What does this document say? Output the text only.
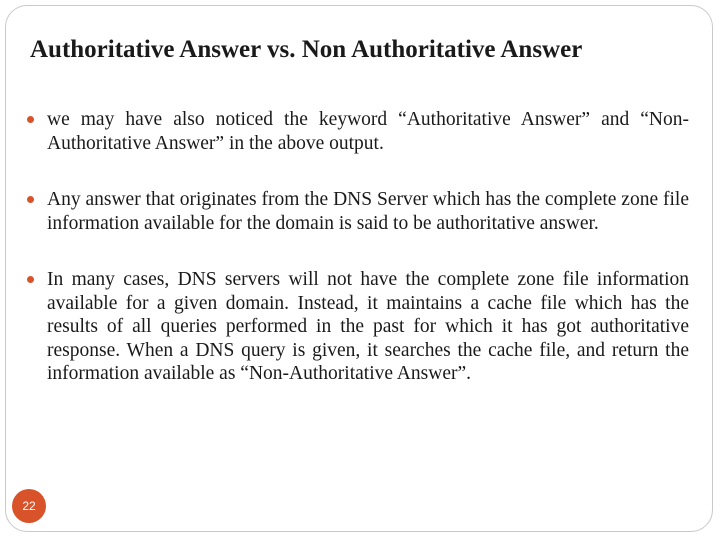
Authoritative Answer vs. Non Authoritative Answer
we may have also noticed the keyword “Authoritative Answer” and “Non-Authoritative Answer” in the above output.
Any answer that originates from the DNS Server which has the complete zone file information available for the domain is said to be authoritative answer.
In many cases, DNS servers will not have the complete zone file information available for a given domain. Instead, it maintains a cache file which has the results of all queries performed in the past for which it has got authoritative response. When a DNS query is given, it searches the cache file, and return the information available as “Non-Authoritative Answer”.
22
